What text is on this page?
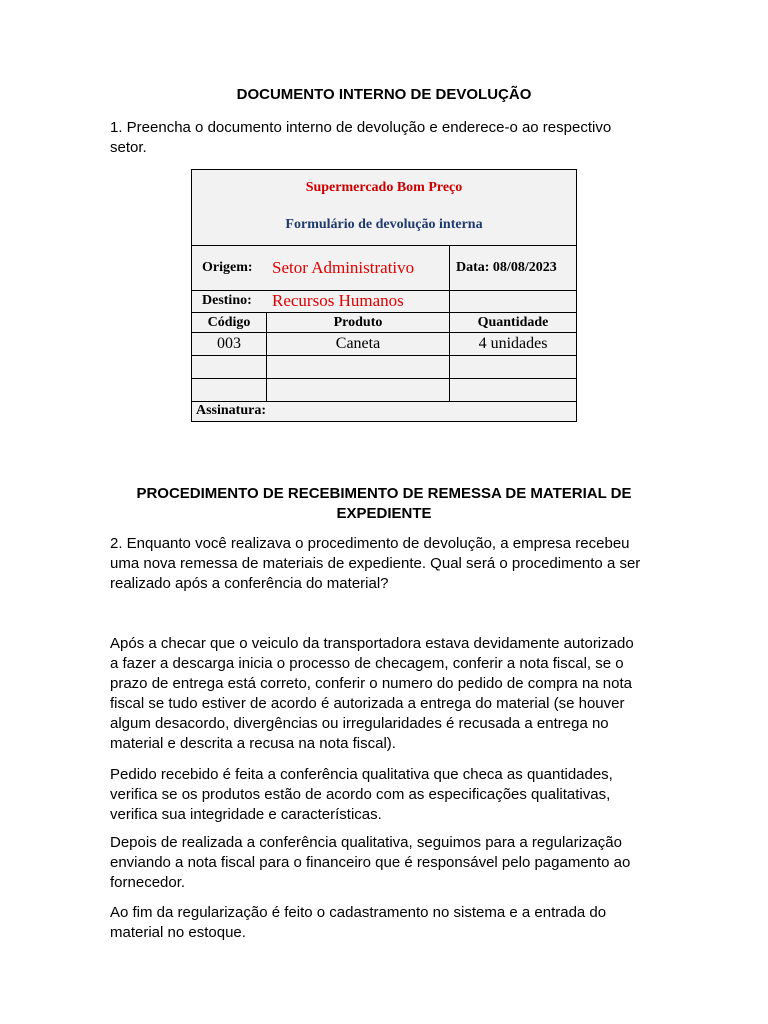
DOCUMENTO INTERNO DE DEVOLUÇÃO
1. Preencha o documento interno de devolução e enderece-o ao respectivo
setor.
Supermercado Bom Preço
Formulário de devolução interna
Origem: Setor Administrativo	Data: 08/08/2023
Destino: Recursos Humanos
Código	Produto	Quantidade
003	Caneta	4 unidades
Assinatura:
PROCEDIMENTO DE RECEBIMENTO DE REMESSA DE MATERIAL DE
EXPEDIENTE
2. Enquanto você realizava o procedimento de devolução, a empresa recebeu
uma nova remessa de materiais de expediente. Qual será o procedimento a ser
realizado após a conferência do material?
Após a checar que o veiculo da transportadora estava devidamente autorizado
a fazer a descarga inicia o processo de checagem, conferir a nota fiscal, se o
prazo de entrega está correto, conferir o numero do pedido de compra na nota
fiscal se tudo estiver de acordo é autorizada a entrega do material (se houver
algum desacordo, divergências ou irregularidades é recusada a entrega no
material e descrita a recusa na nota fiscal).
Pedido recebido é feita a conferência qualitativa que checa as quantidades,
verifica se os produtos estão de acordo com as especificações qualitativas,
verifica sua integridade e características.
Depois de realizada a conferência qualitativa, seguimos para a regularização
enviando a nota fiscal para o financeiro que é responsável pelo pagamento ao
fornecedor.
Ao fim da regularização é feito o cadastramento no sistema e a entrada do
material no estoque.
